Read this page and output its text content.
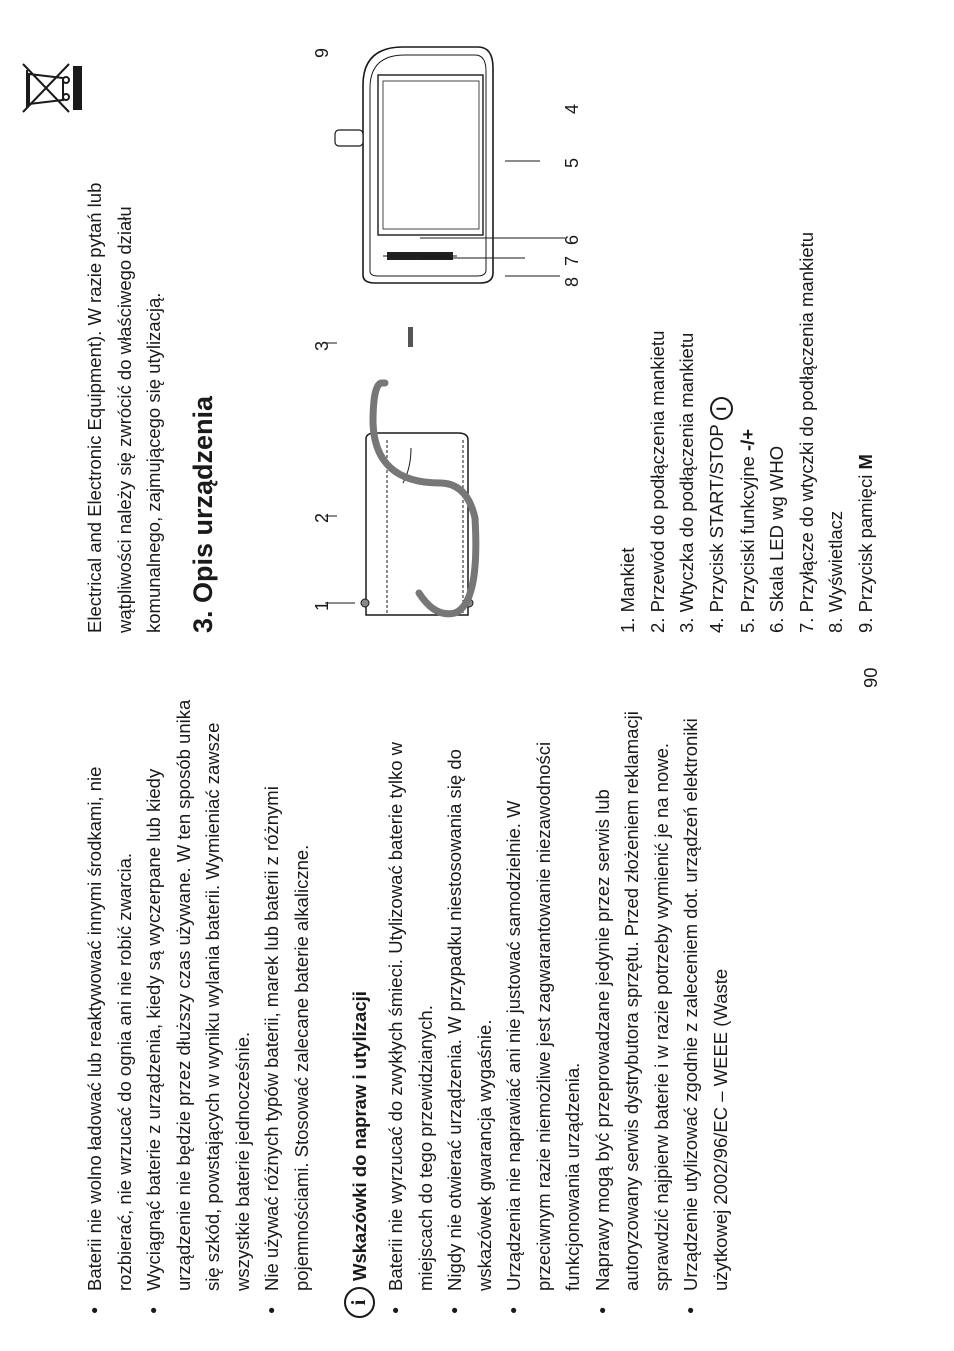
● Baterii nie wolno ładować lub reaktywować innymi środkami, nie rozbierać, nie wrzucać do ognia ani nie robić zwarcia. ● Wyciągnąć baterie z urządzenia, kiedy są wyczerpane lub kiedy urządzenie nie będzie przez dłuższy czas używane. W ten sposób unika się szkód, powstających w wyniku wylania baterii. Wymieniać zawsze wszystkie baterie jednocześnie. ● Nie używać różnych typów baterii, marek lub baterii z różnymi pojemnościami. Stosować zalecane baterie alkaliczne.
i
Wskazówki do napraw i utylizacji ● Baterii nie wyrzucać do zwykłych śmieci. Utylizować baterie tylko w miejscach do tego przewidzianych. ● Nigdy nie otwierać urządzenia. W przypadku niestosowania się do wskazówek gwarancja wygaśnie. ● Urządzenia nie naprawiać ani nie justować samodzielnie. W przeciwnym razie niemożliwe jest zagwarantowanie niezawodności funkcjonowania urządzenia. ● Naprawy mogą być przeprowadzane jedynie przez serwis lub autoryzowany serwis dystrybutora sprzętu. Przed złożeniem reklamacji sprawdzić najpierw baterie i w razie potrzeby wymienić je na nowe. ● Urządzenie utylizować zgodnie z zaleceniem dot. urządzeń elektroniki użytkowej 2002/96/EC – WEEE (Waste
90
Electrical and Electronic Equipment). W razie pytań lub wątpliwości należy się zwrócić do właściwego działu komunalnego, zajmującego się utylizacją. 3. Opis urządzenia	1
2
3
8
7
6
5
4
9
1. Mankiet
2. Przewód do podłączenia mankietu
3. Wtyczka do podłączenia mankietu
4. Przycisk START/STOPI
5. Przyciski funkcyjne -/+
6. Skala LED wg WHO
7. Przyłącze do wtyczki do podłączenia mankietu
8. Wyświetlacz
9. Przycisk pamięci M
